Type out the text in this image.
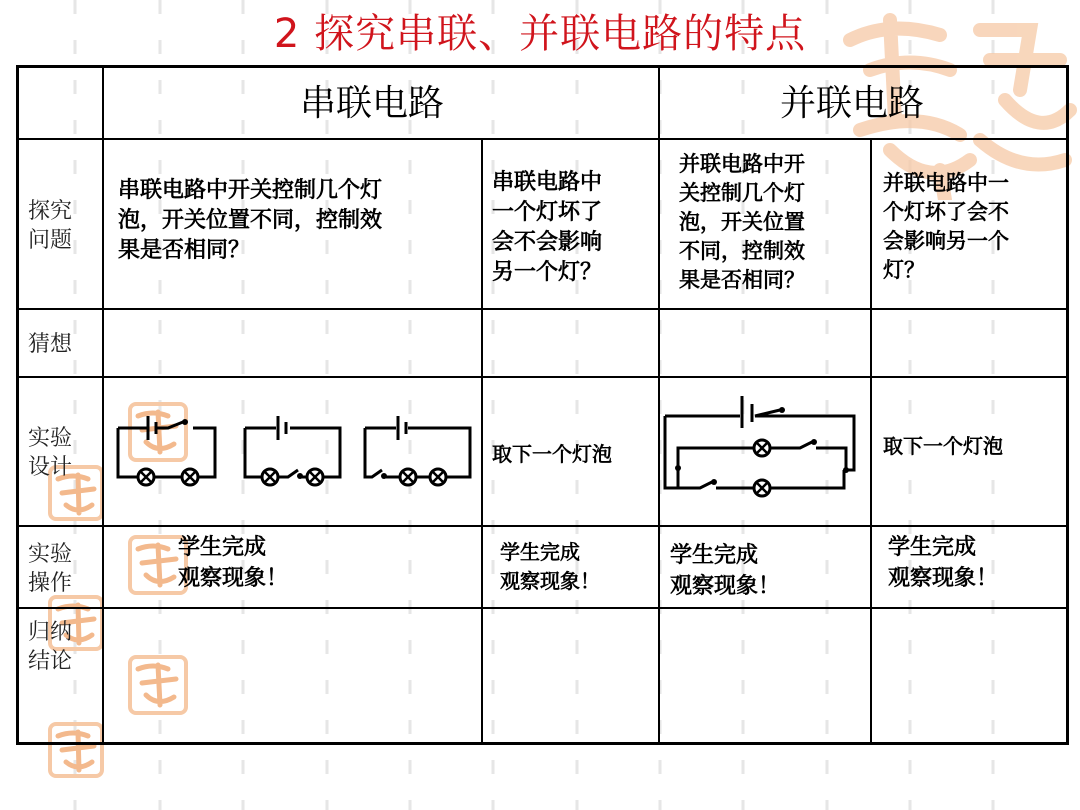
2 探究串联、并联电路的特点
串联电路	并联电路
探究
问题
猜想
实验
设计
实验
操作
归纳
结论
串联电路中开关控制几个灯
泡，开关位置不同，控制效
果是否相同？
串联电路中
一个灯坏了
会不会影响
另一个灯？
并联电路中开
关控制几个灯
泡，开关位置
不同，控制效
果是否相同？
并联电路中一
个灯坏了会不
会影响另一个
灯？
取下一个灯泡	取下一个灯泡
学生完成
观察现象！
学生完成
观察现象！
学生完成
观察现象！
学生完成
观察现象！
